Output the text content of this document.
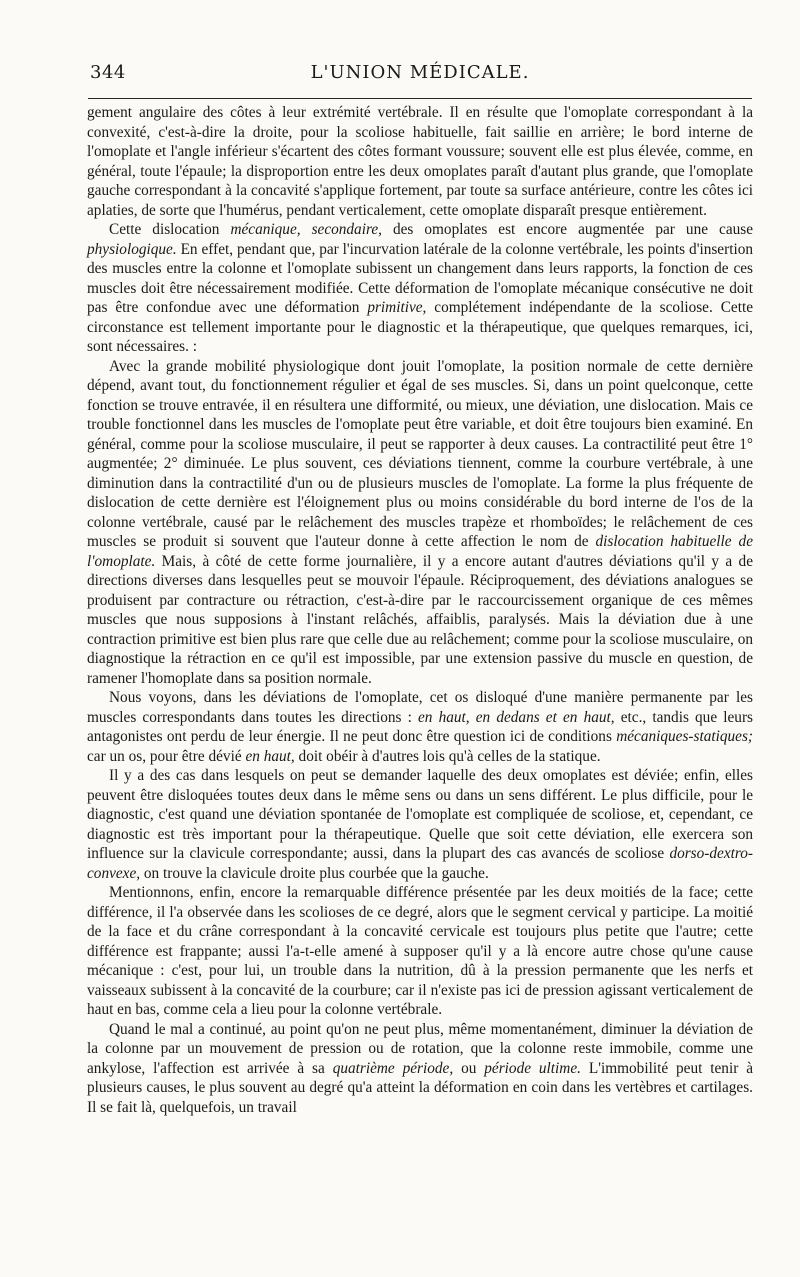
344	L'UNION MÉDICALE.

gement angulaire des côtes à leur extrémité vertébrale. Il en résulte que l'omoplate correspondant à la convexité, c'est-à-dire la droite, pour la scoliose habituelle, fait saillie en arrière; le bord interne de l'omoplate et l'angle inférieur s'écartent des côtes formant voussure; souvent elle est plus élevée, comme, en général, toute l'épaule; la disproportion entre les deux omoplates paraît d'autant plus grande, que l'omoplate gauche correspondant à la concavité s'applique fortement, par toute sa surface antérieure, contre les côtes ici aplaties, de sorte que l'humérus, pendant verticalement, cette omoplate disparaît presque entièrement.

Cette dislocation mécanique, secondaire, des omoplates est encore augmentée par une cause physiologique. En effet, pendant que, par l'incurvation latérale de la colonne vertébrale, les points d'insertion des muscles entre la colonne et l'omoplate subissent un changement dans leurs rapports, la fonction de ces muscles doit être nécessairement modifiée. Cette déformation de l'omoplate mécanique consécutive ne doit pas être confondue avec une déformation primitive, complétement indépendante de la scoliose. Cette circonstance est tellement importante pour le diagnostic et la thérapeutique, que quelques remarques, ici, sont nécessaires. :

Avec la grande mobilité physiologique dont jouit l'omoplate, la position normale de cette dernière dépend, avant tout, du fonctionnement régulier et égal de ses muscles. Si, dans un point quelconque, cette fonction se trouve entravée, il en résultera une difformité, ou mieux, une déviation, une dislocation. Mais ce trouble fonctionnel dans les muscles de l'omoplate peut être variable, et doit être toujours bien examiné. En général, comme pour la scoliose musculaire, il peut se rapporter à deux causes. La contractilité peut être 1° augmentée; 2° diminuée. Le plus souvent, ces déviations tiennent, comme la courbure vertébrale, à une diminution dans la contractilité d'un ou de plusieurs muscles de l'omoplate. La forme la plus fréquente de dislocation de cette dernière est l'éloignement plus ou moins considérable du bord interne de l'os de la colonne vertébrale, causé par le relâchement des muscles trapèze et rhomboïdes; le relâchement de ces muscles se produit si souvent que l'auteur donne à cette affection le nom de dislocation habituelle de l'omoplate. Mais, à côté de cette forme journalière, il y a encore autant d'autres déviations qu'il y a de directions diverses dans lesquelles peut se mouvoir l'épaule. Réciproquement, des déviations analogues se produisent par contracture ou rétraction, c'est-à-dire par le raccourcissement organique de ces mêmes muscles que nous supposions à l'instant relâchés, affaiblis, paralysés. Mais la déviation due à une contraction primitive est bien plus rare que celle due au relâchement; comme pour la scoliose musculaire, on diagnostique la rétraction en ce qu'il est impossible, par une extension passive du muscle en question, de ramener l'homoplate dans sa position normale.

Nous voyons, dans les déviations de l'omoplate, cet os disloqué d'une manière permanente par les muscles correspondants dans toutes les directions : en haut, en dedans et en haut, etc., tandis que leurs antagonistes ont perdu de leur énergie. Il ne peut donc être question ici de conditions mécaniques-statiques; car un os, pour être dévié en haut, doit obéir à d'autres lois qu'à celles de la statique.

Il y a des cas dans lesquels on peut se demander laquelle des deux omoplates est déviée; enfin, elles peuvent être disloquées toutes deux dans le même sens ou dans un sens différent. Le plus difficile, pour le diagnostic, c'est quand une déviation spontanée de l'omoplate est compliquée de scoliose, et, cependant, ce diagnostic est très important pour la thérapeutique. Quelle que soit cette déviation, elle exercera son influence sur la clavicule correspondante; aussi, dans la plupart des cas avancés de scoliose dorso-dextro-convexe, on trouve la clavicule droite plus courbée que la gauche.

Mentionnons, enfin, encore la remarquable différence présentée par les deux moitiés de la face; cette différence, il l'a observée dans les scolioses de ce degré, alors que le segment cervical y participe. La moitié de la face et du crâne correspondant à la concavité cervicale est toujours plus petite que l'autre; cette différence est frappante; aussi l'a-t-elle amené à supposer qu'il y a là encore autre chose qu'une cause mécanique : c'est, pour lui, un trouble dans la nutrition, dû à la pression permanente que les nerfs et vaisseaux subissent à la concavité de la courbure; car il n'existe pas ici de pression agissant verticalement de haut en bas, comme cela a lieu pour la colonne vertébrale.

Quand le mal a continué, au point qu'on ne peut plus, même momentanément, diminuer la déviation de la colonne par un mouvement de pression ou de rotation, que la colonne reste immobile, comme une ankylose, l'affection est arrivée à sa quatrième période, ou période ultime. L'immobilité peut tenir à plusieurs causes, le plus souvent au degré qu'a atteint la déformation en coin dans les vertèbres et cartilages. Il se fait là, quelquefois, un travail
